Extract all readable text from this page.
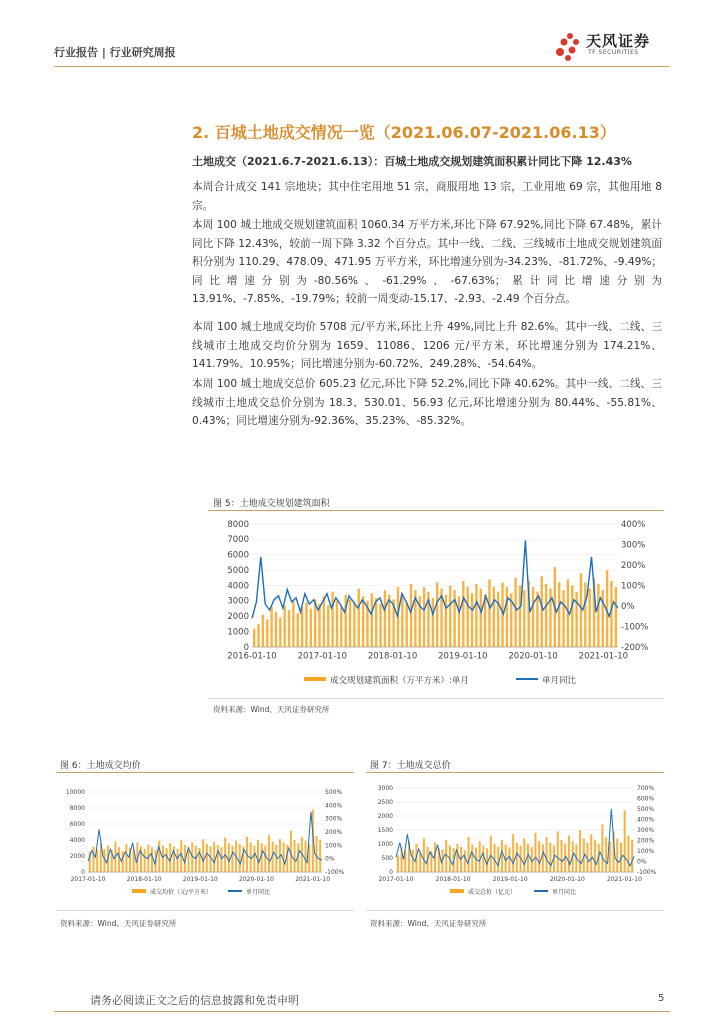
行业报告 | 行业研究周报
天风证券
TF SECURITIES
2. 百城土地成交情况一览（2021.06.07-2021.06.13）
土地成交（2021.6.7-2021.6.13）：百城土地成交规划建筑面积累计同比下降 12.43%
本周合计成交 141 宗地块；其中住宅用地 51 宗，商服用地 13 宗，工业用地 69 宗，其他用地 8 宗。
本周 100 城土地成交规划建筑面积 1060.34 万平方米,环比下降 67.92%,同比下降 67.48%，累计同比下降 12.43%，较前一周下降 3.32 个百分点。其中一线、二线、三线城市土地成交规划建筑面积分别为 110.29、478.09、471.95 万平方米，环比增速分别为-34.23%、-81.72%、-9.49%；同比增速分别为-80.56%、-61.29%、-67.63%；累计同比增速分别为 13.91%、-7.85%、-19.79%；较前一周变动-15.17、-2.93、-2.49 个百分点。
本周 100 城土地成交均价 5708 元/平方米,环比上升 49%,同比上升 82.6%。其中一线、二线、三线城市土地成交均价分别为 1659、11086、1206 元/平方米，环比增速分别为 174.21%、141.79%、10.95%；同比增速分别为-60.72%、249.28%、-54.64%。
本周 100 城土地成交总价 605.23 亿元,环比下降 52.2%,同比下降 40.62%。其中一线、二线、三线城市土地成交总价分别为 18.3、530.01、56.93 亿元,环比增速分别为 80.44%、-55.81%、0.43%；同比增速分别为-92.36%、35.23%、-85.32%。
图 5：土地成交规划建筑面积
0
1000
2000
3000
4000
5000
6000
7000
8000
-200%
-100%
0%
100%
200%
300%
400%
2016-01-10 2017-01-10 2018-01-10 2019-01-10 2020-01-10 2021-01-10
成交规划建筑面积（万平方米）:单月	单月同比
资料来源：Wind、天风证券研究所
图 6：土地成交均价
0
2000
4000
6000
8000
10000
-100%
0%
100%
200%
300%
400%
500%
2017-01-10	2018-01-10	2019-01-10	2020-01-10	2021-01-10
成交均价（元/平方米）	单月同比
资料来源：Wind、天风证券研究所
图 7：土地成交总价
0
500
1000
1500
2000
2500
3000
-100%
0%
100%
200%
300%
400%
500%
600%
700%
2017-01-10	2018-01-10	2019-01-10	2020-01-10	2021-01-10
成交总价（亿元）	单月同比
资料来源：Wind、天风证券研究所
请务必阅读正文之后的信息披露和免责申明	5
